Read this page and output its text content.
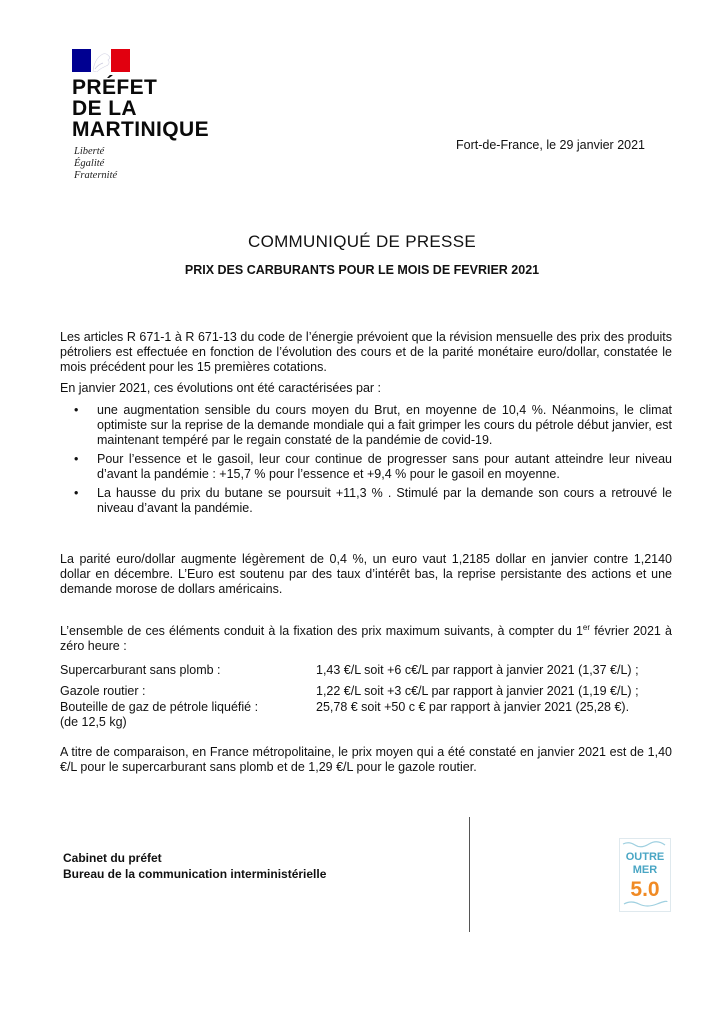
PRÉFET
DE LA
MARTINIQUE
Liberté
Égalité
Fraternité
Fort-de-France, le 29 janvier 2021
COMMUNIQUÉ DE PRESSE
PRIX DES CARBURANTS POUR LE MOIS DE FEVRIER 2021
Les articles R 671-1 à R 671-13 du code de l’énergie prévoient que la révision mensuelle des prix des produits pétroliers est effectuée en fonction de l’évolution des cours et de la parité monétaire euro/dollar, constatée le mois précédent pour les 15 premières cotations.
En janvier 2021, ces évolutions ont été caractérisées par :
• une augmentation sensible du cours moyen du Brut, en moyenne de 10,4 %. Néanmoins, le climat optimiste sur la reprise de la demande mondiale qui a fait grimper les cours du pétrole début janvier, est maintenant tempéré par le regain constaté de la pandémie de covid-19.
• Pour l’essence et le gasoil, leur cour continue de progresser sans pour autant atteindre leur niveau d’avant la pandémie : +15,7 % pour l’essence et +9,4 % pour le gasoil en moyenne.
• La hausse du prix du butane se poursuit +11,3 % . Stimulé par la demande son cours a retrouvé le niveau d’avant la pandémie.
La parité euro/dollar augmente légèrement de 0,4 %, un euro vaut 1,2185 dollar en janvier contre 1,2140 dollar en décembre. L’Euro est soutenu par des taux d’intérêt bas, la reprise persistante des actions et une demande morose de dollars américains.
L’ensemble de ces éléments conduit à la fixation des prix maximum suivants, à compter du 1er février 2021 à zéro heure :
Supercarburant sans plomb :	1,43 €/L soit +6 c€/L par rapport à janvier 2021 (1,37 €/L) ;
Gazole routier :	1,22 €/L soit +3 c€/L par rapport à janvier 2021 (1,19 €/L) ;
Bouteille de gaz de pétrole liquéfié :
(de 12,5 kg)
25,78 € soit +50 c € par rapport à janvier 2021 (25,28 €).
A titre de comparaison, en France métropolitaine, le prix moyen qui a été constaté en janvier 2021 est de 1,40 €/L pour le supercarburant sans plomb et de 1,29 €/L pour le gazole routier.
Cabinet du préfet
Bureau de la communication interministérielle
OUTRE
MER
5.0
